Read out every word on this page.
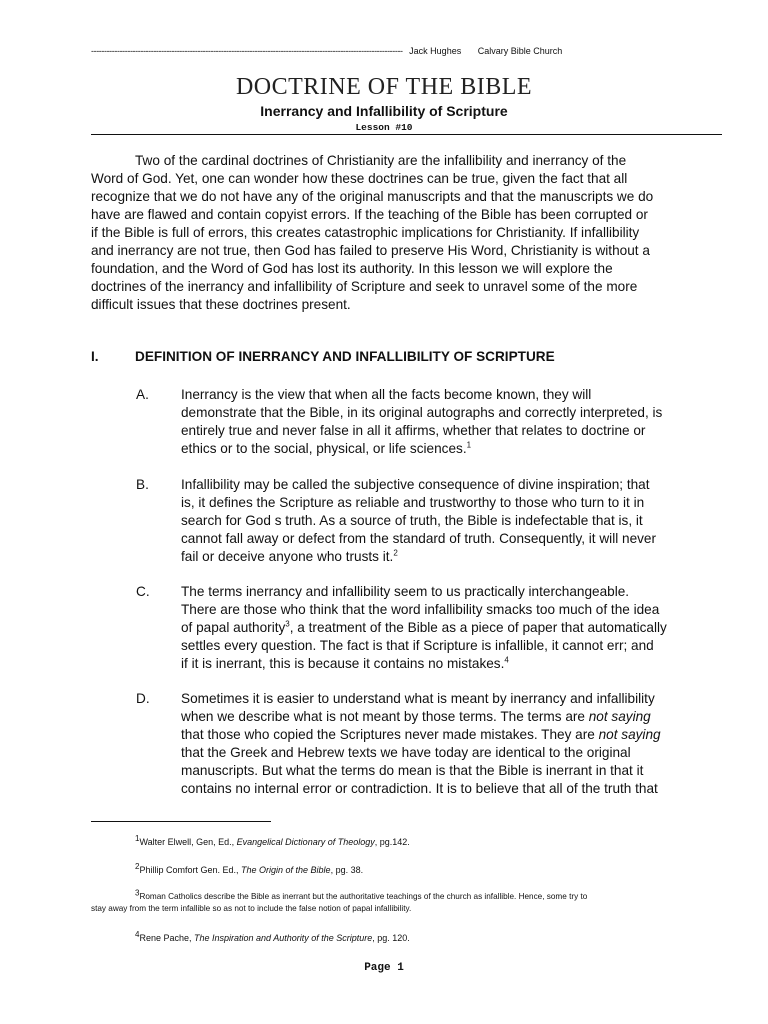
------------------------------------------------------------------------------------------------------------------------ Jack Hughes Calvary Bible Church
DOCTRINE OF THE BIBLE
Inerrancy and Infallibility of Scripture
Lesson #10
Two of the cardinal doctrines of Christianity are the infallibility and inerrancy of the
Word of God. Yet, one can wonder how these doctrines can be true, given the fact that all
recognize that we do not have any of the original manuscripts and that the manuscripts we do
have are flawed and contain copyist errors. If the teaching of the Bible has been corrupted or
if the Bible is full of errors, this creates catastrophic implications for Christianity. If infallibility
and inerrancy are not true, then God has failed to preserve His Word, Christianity is without a
foundation, and the Word of God has lost its authority. In this lesson we will explore the
doctrines of the inerrancy and infallibility of Scripture and seek to unravel some of the more
difficult issues that these doctrines present.
I.	DEFINITION OF INERRANCY AND INFALLIBILITY OF SCRIPTURE
A. Inerrancy is the view that when all the facts become known, they will
demonstrate that the Bible, in its original autographs and correctly interpreted, is
entirely true and never false in all it affirms, whether that relates to doctrine or
ethics or to the social, physical, or life sciences.$^1$
B. Infallibility may be called the subjective consequence of divine inspiration; that
is, it defines the Scripture as reliable and trustworthy to those who turn to it in
search for God s truth. As a source of truth, the Bible is indefectable that is, it
cannot fall away or defect from the standard of truth. Consequently, it will never
fail or deceive anyone who trusts it.$^2$
C. The terms inerrancy and infallibility seem to us practically interchangeable.
There are those who think that the word infallibility smacks too much of the idea
of papal authority$^3$, a treatment of the Bible as a piece of paper that automatically
settles every question. The fact is that if Scripture is infallible, it cannot err; and
if it is inerrant, this is because it contains no mistakes.$^4$
D. Sometimes it is easier to understand what is meant by inerrancy and infallibility
when we describe what is not meant by those terms. The terms are not saying
that those who copied the Scriptures never made mistakes. They are not saying
that the Greek and Hebrew texts we have today are identical to the original
manuscripts. But what the terms do mean is that the Bible is inerrant in that it
contains no internal error or contradiction. It is to believe that all of the truth that
$^1$Walter Elwell, Gen, Ed., Evangelical Dictionary of Theology, pg.142.
$^2$Phillip Comfort Gen. Ed., The Origin of the Bible, pg. 38.
$^3$Roman Catholics describe the Bible as inerrant but the authoritative teachings of the church as infallible. Hence, some try to
stay away from the term infallible so as not to include the false notion of papal infallibility.
$^4$Rene Pache, The Inspiration and Authority of the Scripture, pg. 120.
Page 1
